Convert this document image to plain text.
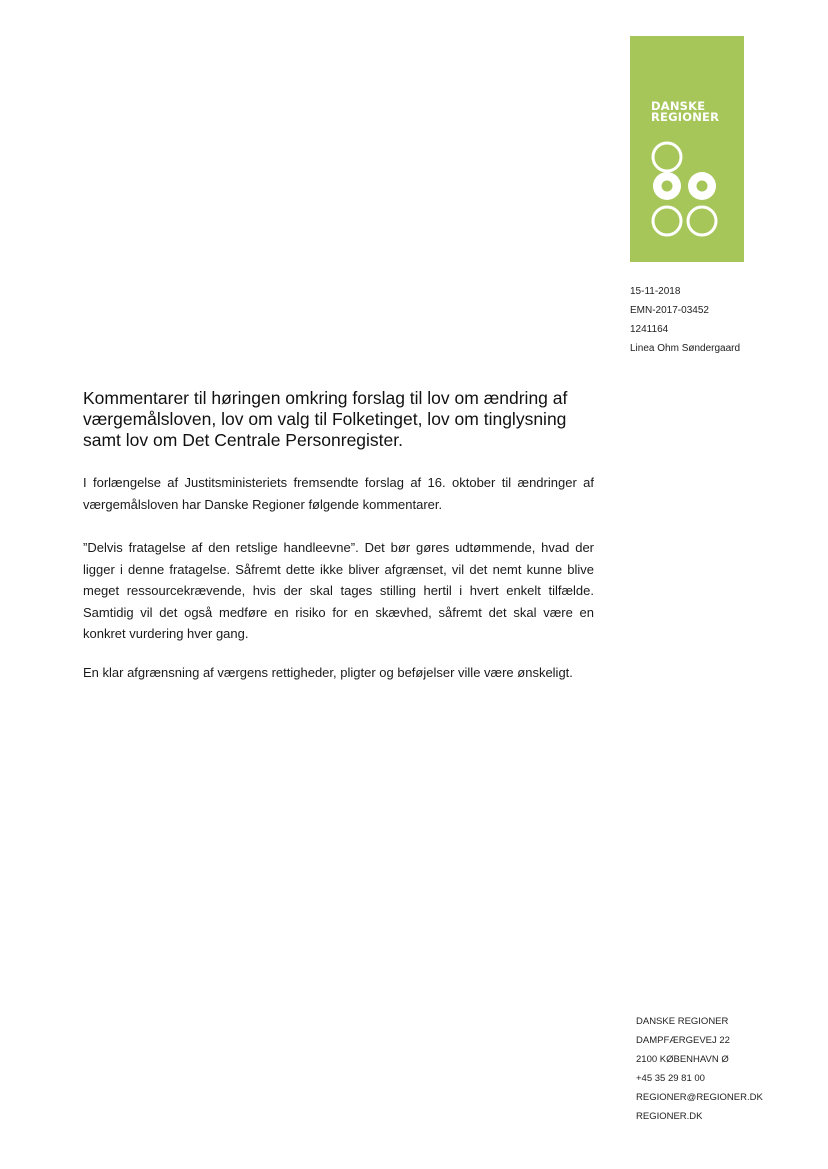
DANSKE
REGIONER
15-11-2018
EMN-2017-03452
1241164
Linea Ohm Søndergaard
Kommentarer til høringen omkring forslag til lov om ændring af værgemålsloven, lov om valg til Folketinget, lov om tinglysning samt lov om Det Centrale Personregister.

I forlængelse af Justitsministeriets fremsendte forslag af 16. oktober til ændringer af værgemålsloven har Danske Regioner følgende kommentarer.

”Delvis fratagelse af den retslige handleevne”. Det bør gøres udtømmende, hvad der ligger i denne fratagelse. Såfremt dette ikke bliver afgrænset, vil det nemt kunne blive meget ressourcekrævende, hvis der skal tages stilling hertil i hvert enkelt tilfælde. Samtidig vil det også medføre en risiko for en skævhed, såfremt det skal være en konkret vurdering hver gang.

En klar afgrænsning af værgens rettigheder, pligter og beføjelser ville være ønskeligt.

DANSKE REGIONER
DAMPFÆRGEVEJ 22
2100 KØBENHAVN Ø
+45 35 29 81 00
REGIONER@REGIONER.DK
REGIONER.DK
